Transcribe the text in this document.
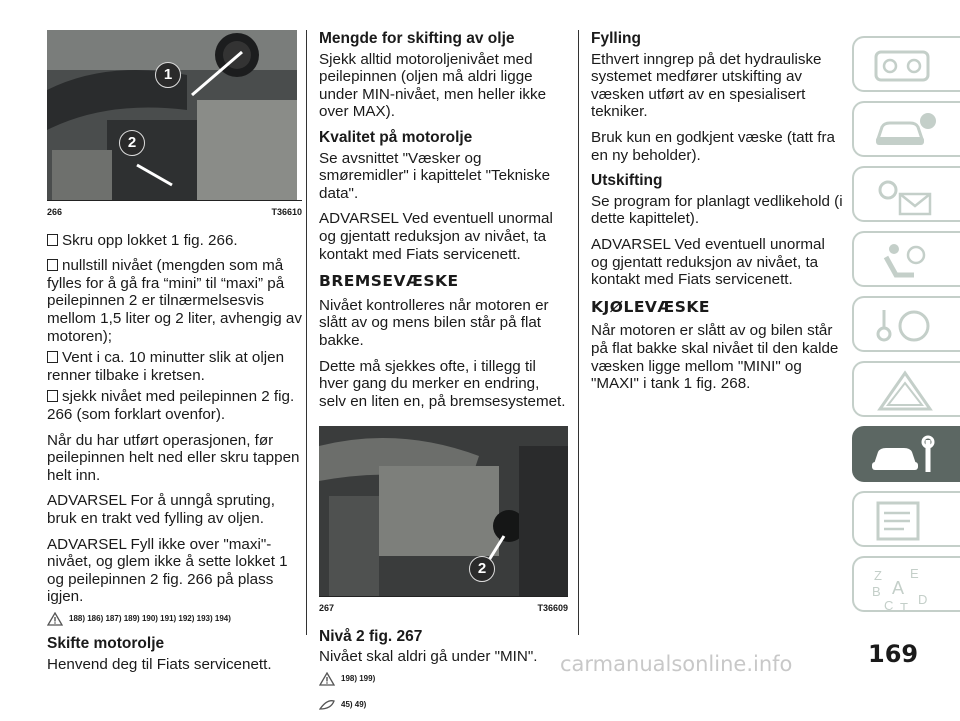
1
2
266	T36610

Skru opp lokket 1 fig. 266.

nullstill nivået (mengden som må fylles for å gå fra “mini” til “maxi” på peilepinnen 2 er tilnærmelsesvis mellom 1,5 liter og 2 liter, avhengig av motoren);

Vent i ca. 10 minutter slik at oljen renner tilbake i kretsen.

sjekk nivået med peilepinnen 2 fig. 266 (som forklart ovenfor).

Når du har utført operasjonen, før peilepinnen helt ned eller skru tappen helt inn.

ADVARSEL For å unngå spruting, bruk en trakt ved fylling av oljen.

ADVARSEL Fyll ikke over "maxi"-nivået, og glem ikke å sette lokket 1 og peilepinnen 2 fig. 266 på plass igjen.

188) 186) 187) 189) 190) 191) 192) 193) 194)
Skifte motorolje

Henvend deg til Fiats servicenett.

Mengde for skifting av olje

Sjekk alltid motoroljenivået med peilepinnen (oljen må aldri ligge under MIN-nivået, men heller ikke over MAX).

Kvalitet på motorolje

Se avsnittet "Væsker og smøremidler" i kapittelet "Tekniske data".

ADVARSEL Ved eventuell unormal og gjentatt reduksjon av nivået, ta kontakt med Fiats servicenett.

BREMSEVÆSKE

Nivået kontrolleres når motoren er slått av og mens bilen står på flat bakke.

Dette må sjekkes ofte, i tillegg til hver gang du merker en endring, selv en liten en, på bremsesystemet.

2
267	T36609
Nivå 2 fig. 267

Nivået skal aldri gå under "MIN".

198) 199)
45) 49)
Fylling

Ethvert inngrep på det hydrauliske systemet medfører utskifting av væsken utført av en spesialisert tekniker.

Bruk kun en godkjent væske (tatt fra en ny beholder).

Utskifting

Se program for planlagt vedlikehold (i dette kapittelet).

ADVARSEL Ved eventuell unormal og gjentatt reduksjon av nivået, ta kontakt med Fiats servicenett.

KJØLEVÆSKE

Når motoren er slått av og bilen står på flat bakke skal nivået til den kalde væsken ligge mellom "MINI" og "MAXI" i tank 1 fig. 268.

Z E
B A
C D
T
169
carmanualsonline.info
